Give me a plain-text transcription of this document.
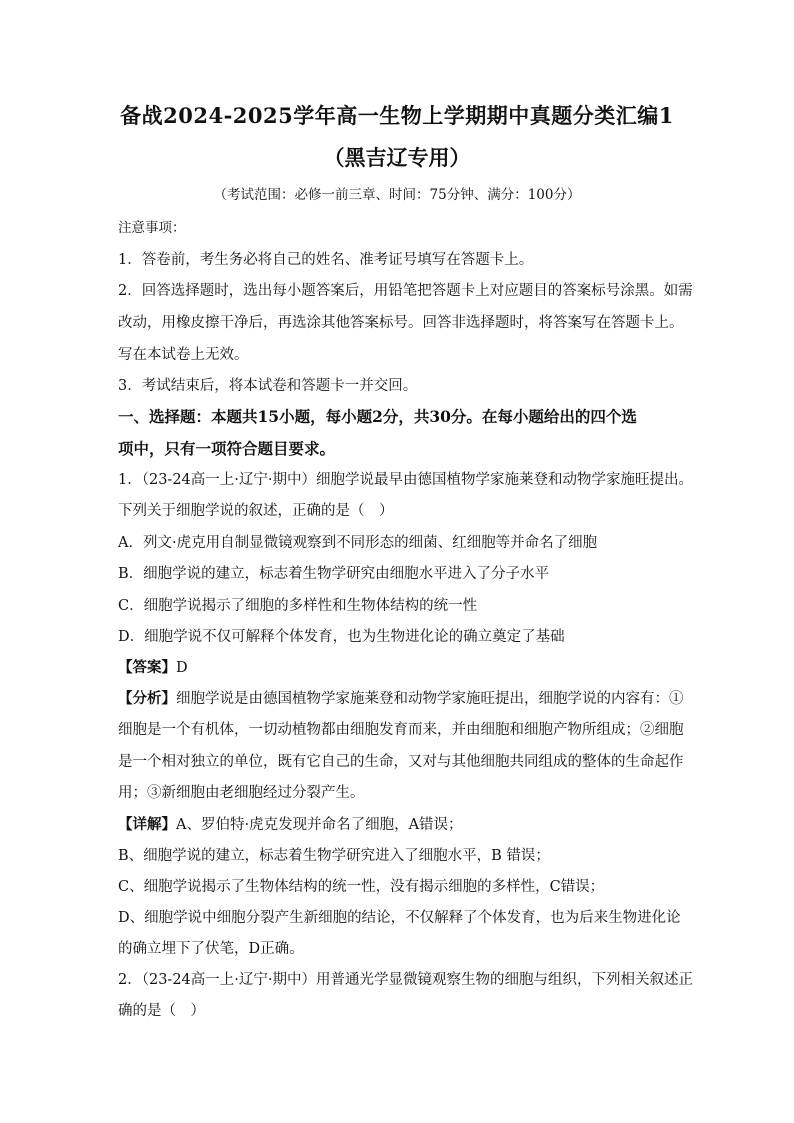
备战2024-2025学年高一生物上学期期中真题分类汇编1
（黑吉辽专用）
（考试范围：必修一前三章、时间：75分钟、满分：100分）
注意事项：
1．答卷前，考生务必将自己的姓名、准考证号填写在答题卡上。
2．回答选择题时，选出每小题答案后，用铅笔把答题卡上对应题目的答案标号涂黑。如需
改动，用橡皮擦干净后，再选涂其他答案标号。回答非选择题时，将答案写在答题卡上。
写在本试卷上无效。
3．考试结束后，将本试卷和答题卡一并交回。
一、选择题：本题共15小题，每小题2分，共30分。在每小题给出的四个选
项中，只有一项符合题目要求。
1．（23-24高一上·辽宁·期中）细胞学说最早由德国植物学家施莱登和动物学家施旺提出。
下列关于细胞学说的叙述，正确的是（　）
A．列文·虎克用自制显微镜观察到不同形态的细菌、红细胞等并命名了细胞
B．细胞学说的建立，标志着生物学研究由细胞水平进入了分子水平
C．细胞学说揭示了细胞的多样性和生物体结构的统一性
D．细胞学说不仅可解释个体发育，也为生物进化论的确立奠定了基础
【答案】D
【分析】细胞学说是由德国植物学家施莱登和动物学家施旺提出，细胞学说的内容有：①
细胞是一个有机体，一切动植物都由细胞发育而来，并由细胞和细胞产物所组成；②细胞
是一个相对独立的单位，既有它自己的生命，又对与其他细胞共同组成的整体的生命起作
用；③新细胞由老细胞经过分裂产生。
【详解】A、罗伯特·虎克发现并命名了细胞，A错误；
B、细胞学说的建立，标志着生物学研究进入了细胞水平，B 错误；
C、细胞学说揭示了生物体结构的统一性，没有揭示细胞的多样性，C错误；
D、细胞学说中细胞分裂产生新细胞的结论，不仅解释了个体发育，也为后来生物进化论
的确立埋下了伏笔，D正确。
2．（23-24高一上·辽宁·期中）用普通光学显微镜观察生物的细胞与组织，下列相关叙述正
确的是（　）
